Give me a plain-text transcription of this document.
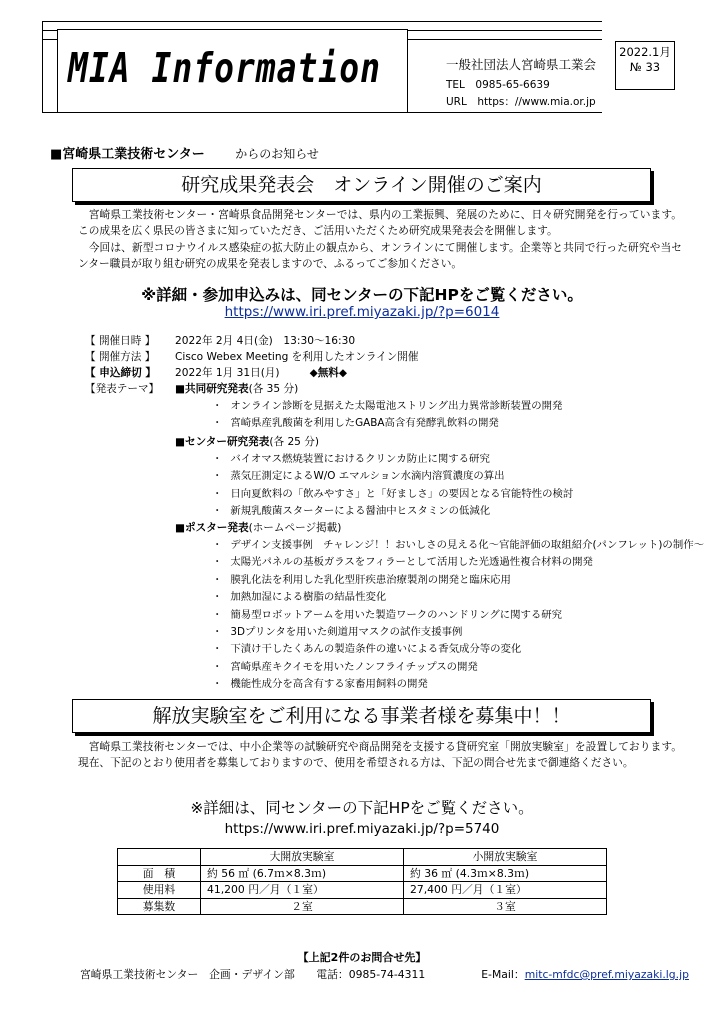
MIA Information	一般社団法人宮崎県工業会
TEL　0985-65-6639
URL　https：//www.mia.or.jp
2022.1月
№ 33
■宮崎県工業技術センター 　　	からのお知らせ
研究成果発表会　オンライン開催のご案内

宮崎県工業技術センター・宮崎県食品開発センターでは、県内の工業振興、発展のために、日々研究開発を行っています。この成果を広く県民の皆さまに知っていただき、ご活用いただくため研究成果発表会を開催します。

今回は、新型コロナウイルス感染症の拡大防止の観点から、オンラインにて開催します。企業等と共同で行った研究や当センター職員が取り組む研究の成果を発表しますので、ふるってご参加ください。

※詳細・参加申込みは、同センターの下記HPをご覧ください。
https://www.iri.pref.miyazaki.jp/?p=6014
【 開催日時 】 2022年 2月 4日(金)　13:30～16:30
【 開催方法 】 Cisco Webex Meeting を利用したオンライン開催
【 申込締切 】 2022年 1月 31日(月)	◆無料◆
【発表テーマ】 ■共同研究発表(各 35 分)
・ オンライン診断を見据えた太陽電池ストリング出力異常診断装置の開発
・ 宮崎県産乳酸菌を利用したGABA高含有発酵乳飲料の開発
■センター研究発表(各 25 分)
・ バイオマス燃焼装置におけるクリンカ防止に関する研究
・ 蒸気圧測定によるW/O エマルション水滴内溶質濃度の算出
・ 日向夏飲料の「飲みやすさ」と「好ましさ」の要因となる官能特性の検討
・ 新規乳酸菌スターターによる醤油中ヒスタミンの低減化
■ポスター発表(ホームページ掲載)
・ デザイン支援事例　チャレンジ！！おいしさの見える化～官能評価の取組紹介(パンフレット)の制作～
・ 太陽光パネルの基板ガラスをフィラーとして活用した光透過性複合材料の開発
・ 膜乳化法を利用した乳化型肝疾患治療製剤の開発と臨床応用
・ 加熱加湿による樹脂の結晶性変化
・ 簡易型ロボットアームを用いた製造ワークのハンドリングに関する研究
・ 3Dプリンタを用いた剣道用マスクの試作支援事例
・ 下漬け干したくあんの製造条件の違いによる香気成分等の変化
・ 宮崎県産キクイモを用いたノンフライチップスの開発
・ 機能性成分を高含有する家畜用飼料の開発
解放実験室をご利用になる事業者様を募集中！！

宮崎県工業技術センターでは、中小企業等の試験研究や商品開発を支援する貸研究室「開放実験室」を設置しております。 現在、下記のとおり使用者を募集しておりますので、使用を希望される方は、下記の問合せ先まで御連絡ください。

※詳細は、同センターの下記HPをご覧ください。
https://www.iri.pref.miyazaki.jp/?p=5740
	大開放実験室	小開放実験室
面　積	約 56 ㎡ (6.7ｍ×8.3ｍ)	約 36 ㎡ (4.3ｍ×8.3ｍ)
使用料	41,200 円／月（１室）	27,400 円／月（１室）
募集数	２室	３室
【上記2件のお問合せ先】
宮崎県工業技術センター　企画・デザイン部　　 電話：0985-74-4311	E-Mail：mitc-mfdc@pref.miyazaki.lg.jp
